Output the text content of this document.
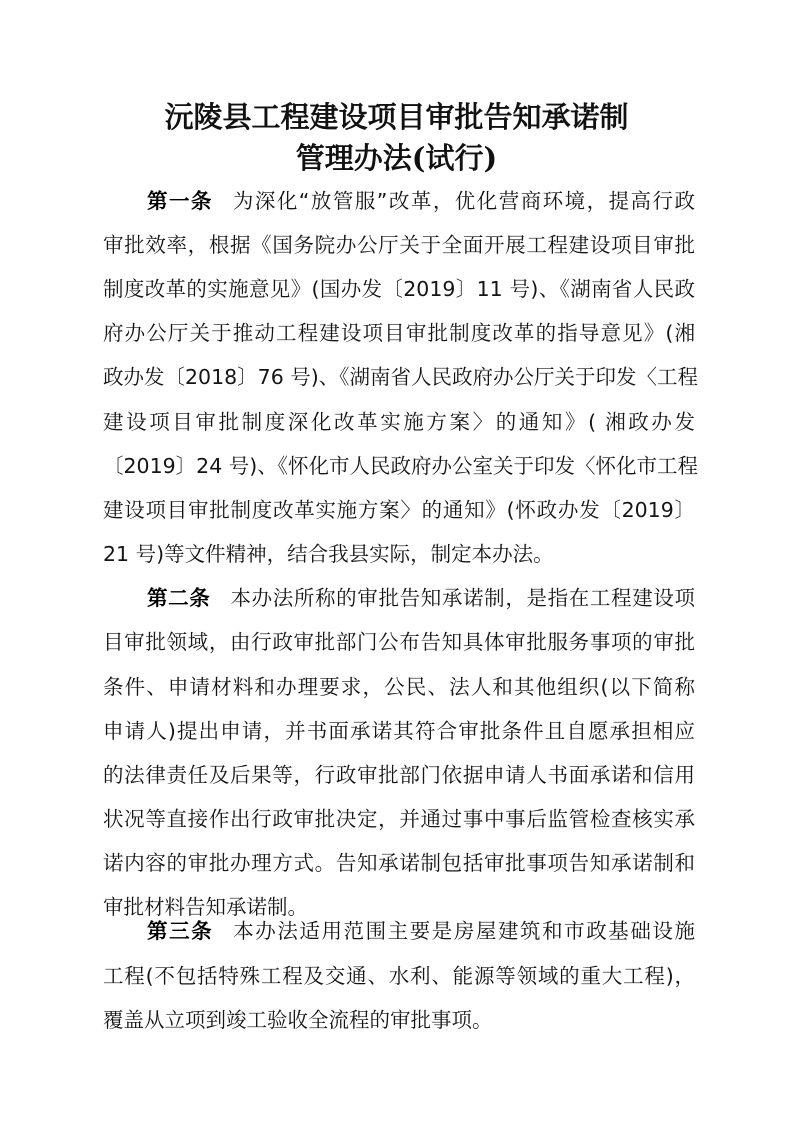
沅陵县工程建设项目审批告知承诺制
管理办法(试行)
第一条 为深化“放管服”改革，优化营商环境，提高行政
审批效率，根据《国务院办公厅关于全面开展工程建设项目审批
制度改革的实施意见》(国办发〔2019〕11 号)、《湖南省人民政
府办公厅关于推动工程建设项目审批制度改革的指导意见》(湘
政办发〔2018〕76 号)、《湖南省人民政府办公厅关于印发〈工程
建设项目审批制度深化改革实施方案〉的通知》( 湘政办发
〔2019〕24 号)、《怀化市人民政府办公室关于印发〈怀化市工程
建设项目审批制度改革实施方案〉的通知》(怀政办发〔2019〕
21 号)等文件精神，结合我县实际，制定本办法。
第二条 本办法所称的审批告知承诺制，是指在工程建设项
目审批领域，由行政审批部门公布告知具体审批服务事项的审批
条件、申请材料和办理要求，公民、法人和其他组织(以下简称
申请人)提出申请，并书面承诺其符合审批条件且自愿承担相应
的法律责任及后果等，行政审批部门依据申请人书面承诺和信用
状况等直接作出行政审批决定，并通过事中事后监管检查核实承
诺内容的审批办理方式。告知承诺制包括审批事项告知承诺制和
审批材料告知承诺制。
第三条 本办法适用范围主要是房屋建筑和市政基础设施
工程(不包括特殊工程及交通、水利、能源等领域的重大工程)，
覆盖从立项到竣工验收全流程的审批事项。
